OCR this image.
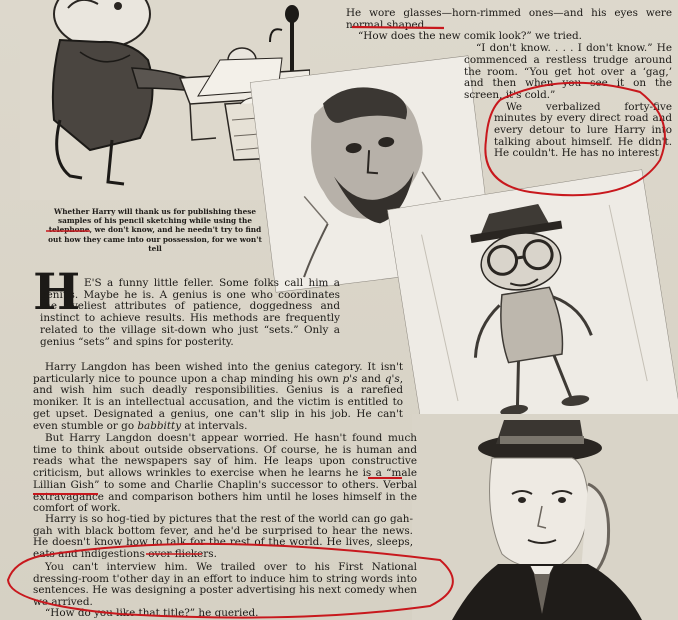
Whether Harry will thank us for publishing these samples of his pencil sketching while using the telephone, we don't know, and he needn't try to find out how they came into our possession, for we won't tell

He wore glasses—horn-rimmed ones—and his eyes were normal shaped.

“How does the new comik look?” we tried.

“I don't know. . . . I don't know.” He commenced a restless trudge around the room. “You get hot over a ‘gag,’ and then when you see it on the screen, it's cold.”

We verbalized forty-five minutes by every direct road and every detour to lure Harry into talking about himself. He didn't. He couldn't. He has no interest

H E'S a funny little feller. Some folks call him a genius. Maybe he is. A genius is one who coordinates the liveliest attributes of patience, doggedness and instinct to achieve results. His methods are frequently related to the village sit-down who just “sets.” Only a genius “sets” and spins for posterity.

Harry Langdon has been wished into the genius category. It isn't particularly nice to pounce upon a chap minding his own p's and q's, and wish him such deadly responsibilities. Genius is a rarefied moniker. It is an intellectual accusation, and the victim is entitled to get upset. Designated a genius, one can't slip in his job. He can't even stumble or go babbitty at intervals.

But Harry Langdon doesn't appear worried. He hasn't found much time to think about outside observations. Of course, he is human and reads what the newspapers say of him. He leaps upon constructive criticism, but allows wrinkles to exercise when he learns he is a “male Lillian Gish” to some and Charlie Chaplin's successor to others. Verbal extravagance and comparison bothers him until he loses himself in the comfort of work.

Harry is so hog-tied by pictures that the rest of the world can go gah-gah with black bottom fever, and he'd be surprised to hear the news. He doesn't know how to talk for the rest of the world. He lives, sleeps, eats and indigestions over flickers.

You can't interview him. We trailed over to his First National dressing-room t'other day in an effort to induce him to string words into sentences. He was designing a poster advertising his next comedy when we arrived.

“How do you like that title?” he queried.
